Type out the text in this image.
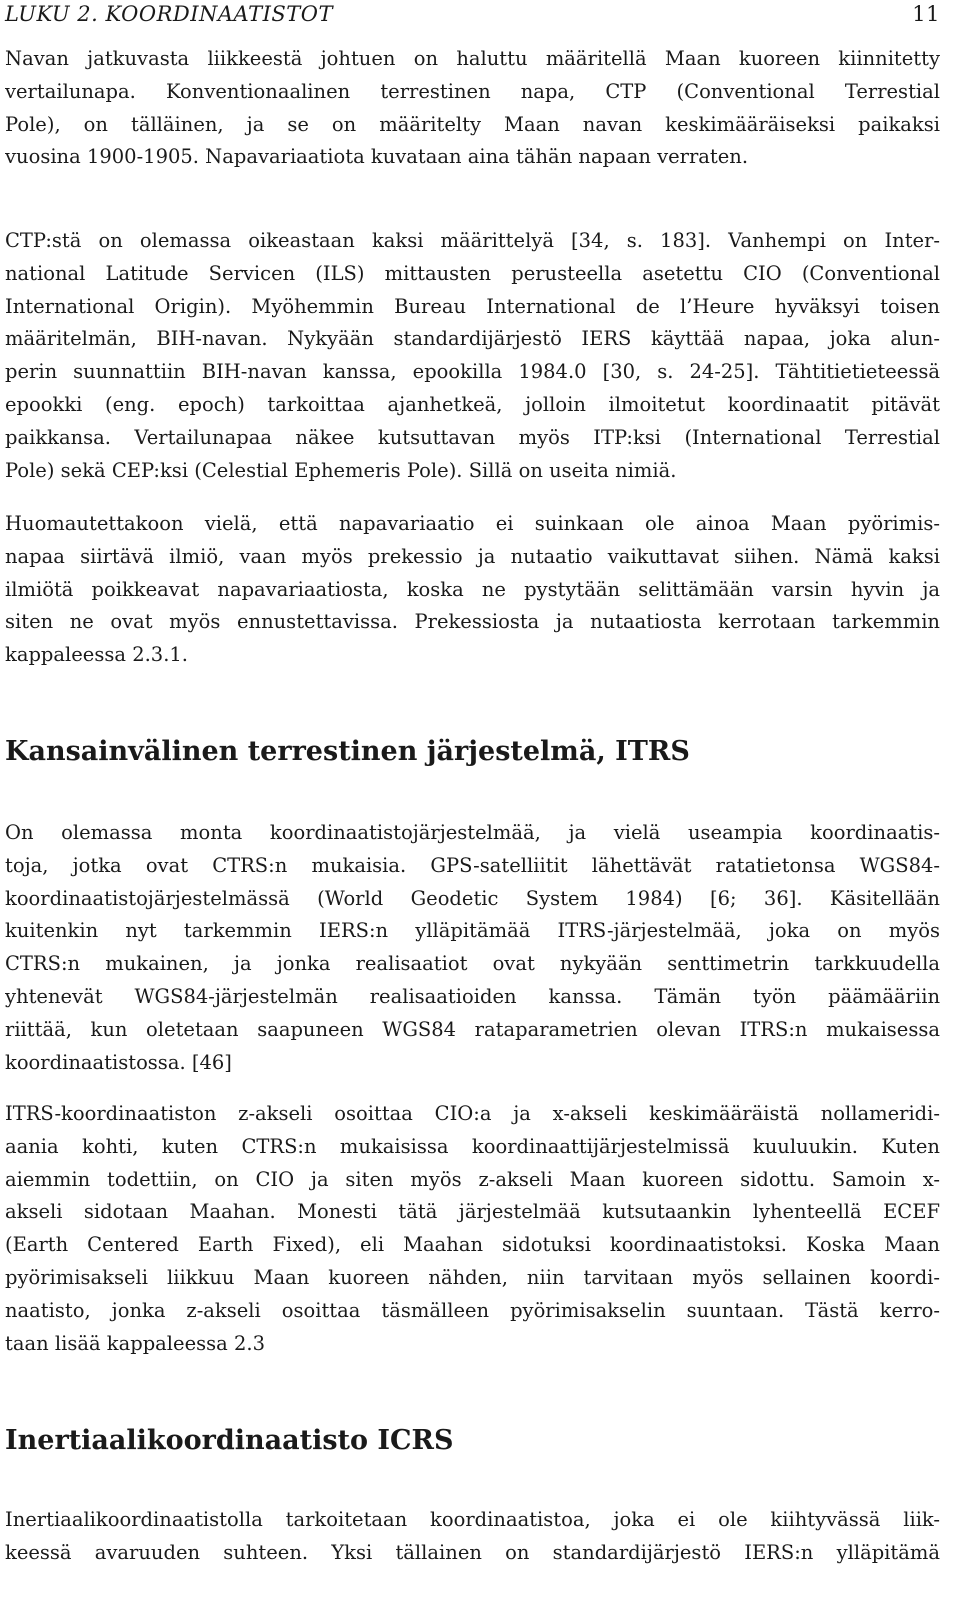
LUKU 2. KOORDINAATISTOT	11
Navan jatkuvasta liikkeestä johtuen on haluttu määritellä Maan kuoreen kiinnitetty
vertailunapa. Konventionaalinen terrestinen napa, CTP (Conventional Terrestial
Pole), on tälläinen, ja se on määritelty Maan navan keskimääräiseksi paikaksi
vuosina 1900-1905. Napavariaatiota kuvataan aina tähän napaan verraten.
CTP:stä on olemassa oikeastaan kaksi määrittelyä [34, s. 183]. Vanhempi on Inter-
national Latitude Servicen (ILS) mittausten perusteella asetettu CIO (Conventional
International Origin). Myöhemmin Bureau International de l’Heure hyväksyi toisen
määritelmän, BIH-navan. Nykyään standardijärjestö IERS käyttää napaa, joka alun-
perin suunnattiin BIH-navan kanssa, epookilla 1984.0 [30, s. 24-25]. Tähtitietieteessä
epookki (eng. epoch) tarkoittaa ajanhetkeä, jolloin ilmoitetut koordinaatit pitävät
paikkansa. Vertailunapaa näkee kutsuttavan myös ITP:ksi (International Terrestial
Pole) sekä CEP:ksi (Celestial Ephemeris Pole). Sillä on useita nimiä.
Huomautettakoon vielä, että napavariaatio ei suinkaan ole ainoa Maan pyörimis-
napaa siirtävä ilmiö, vaan myös prekessio ja nutaatio vaikuttavat siihen. Nämä kaksi
ilmiötä poikkeavat napavariaatiosta, koska ne pystytään selittämään varsin hyvin ja
siten ne ovat myös ennustettavissa. Prekessiosta ja nutaatiosta kerrotaan tarkemmin
kappaleessa 2.3.1.
Kansainvälinen terrestinen järjestelmä, ITRS
On olemassa monta koordinaatistojärjestelmää, ja vielä useampia koordinaatis-
toja, jotka ovat CTRS:n mukaisia. GPS-satelliitit lähettävät ratatietonsa WGS84-
koordinaatistojärjestelmässä (World Geodetic System 1984) [6; 36]. Käsitellään
kuitenkin nyt tarkemmin IERS:n ylläpitämää ITRS-järjestelmää, joka on myös
CTRS:n mukainen, ja jonka realisaatiot ovat nykyään senttimetrin tarkkuudella
yhtenevät WGS84-järjestelmän realisaatioiden kanssa. Tämän työn päämääriin
riittää, kun oletetaan saapuneen WGS84 rataparametrien olevan ITRS:n mukaisessa
koordinaatistossa. [46]
ITRS-koordinaatiston z-akseli osoittaa CIO:a ja x-akseli keskimääräistä nollameridi-
aania kohti, kuten CTRS:n mukaisissa koordinaattijärjestelmissä kuuluukin. Kuten
aiemmin todettiin, on CIO ja siten myös z-akseli Maan kuoreen sidottu. Samoin x-
akseli sidotaan Maahan. Monesti tätä järjestelmää kutsutaankin lyhenteellä ECEF
(Earth Centered Earth Fixed), eli Maahan sidotuksi koordinaatistoksi. Koska Maan
pyörimisakseli liikkuu Maan kuoreen nähden, niin tarvitaan myös sellainen koordi-
naatisto, jonka z-akseli osoittaa täsmälleen pyörimisakselin suuntaan. Tästä kerro-
taan lisää kappaleessa 2.3
Inertiaalikoordinaatisto ICRS
Inertiaalikoordinaatistolla tarkoitetaan koordinaatistoa, joka ei ole kiihtyvässä liik-
keessä avaruuden suhteen. Yksi tällainen on standardijärjestö IERS:n ylläpitämä
